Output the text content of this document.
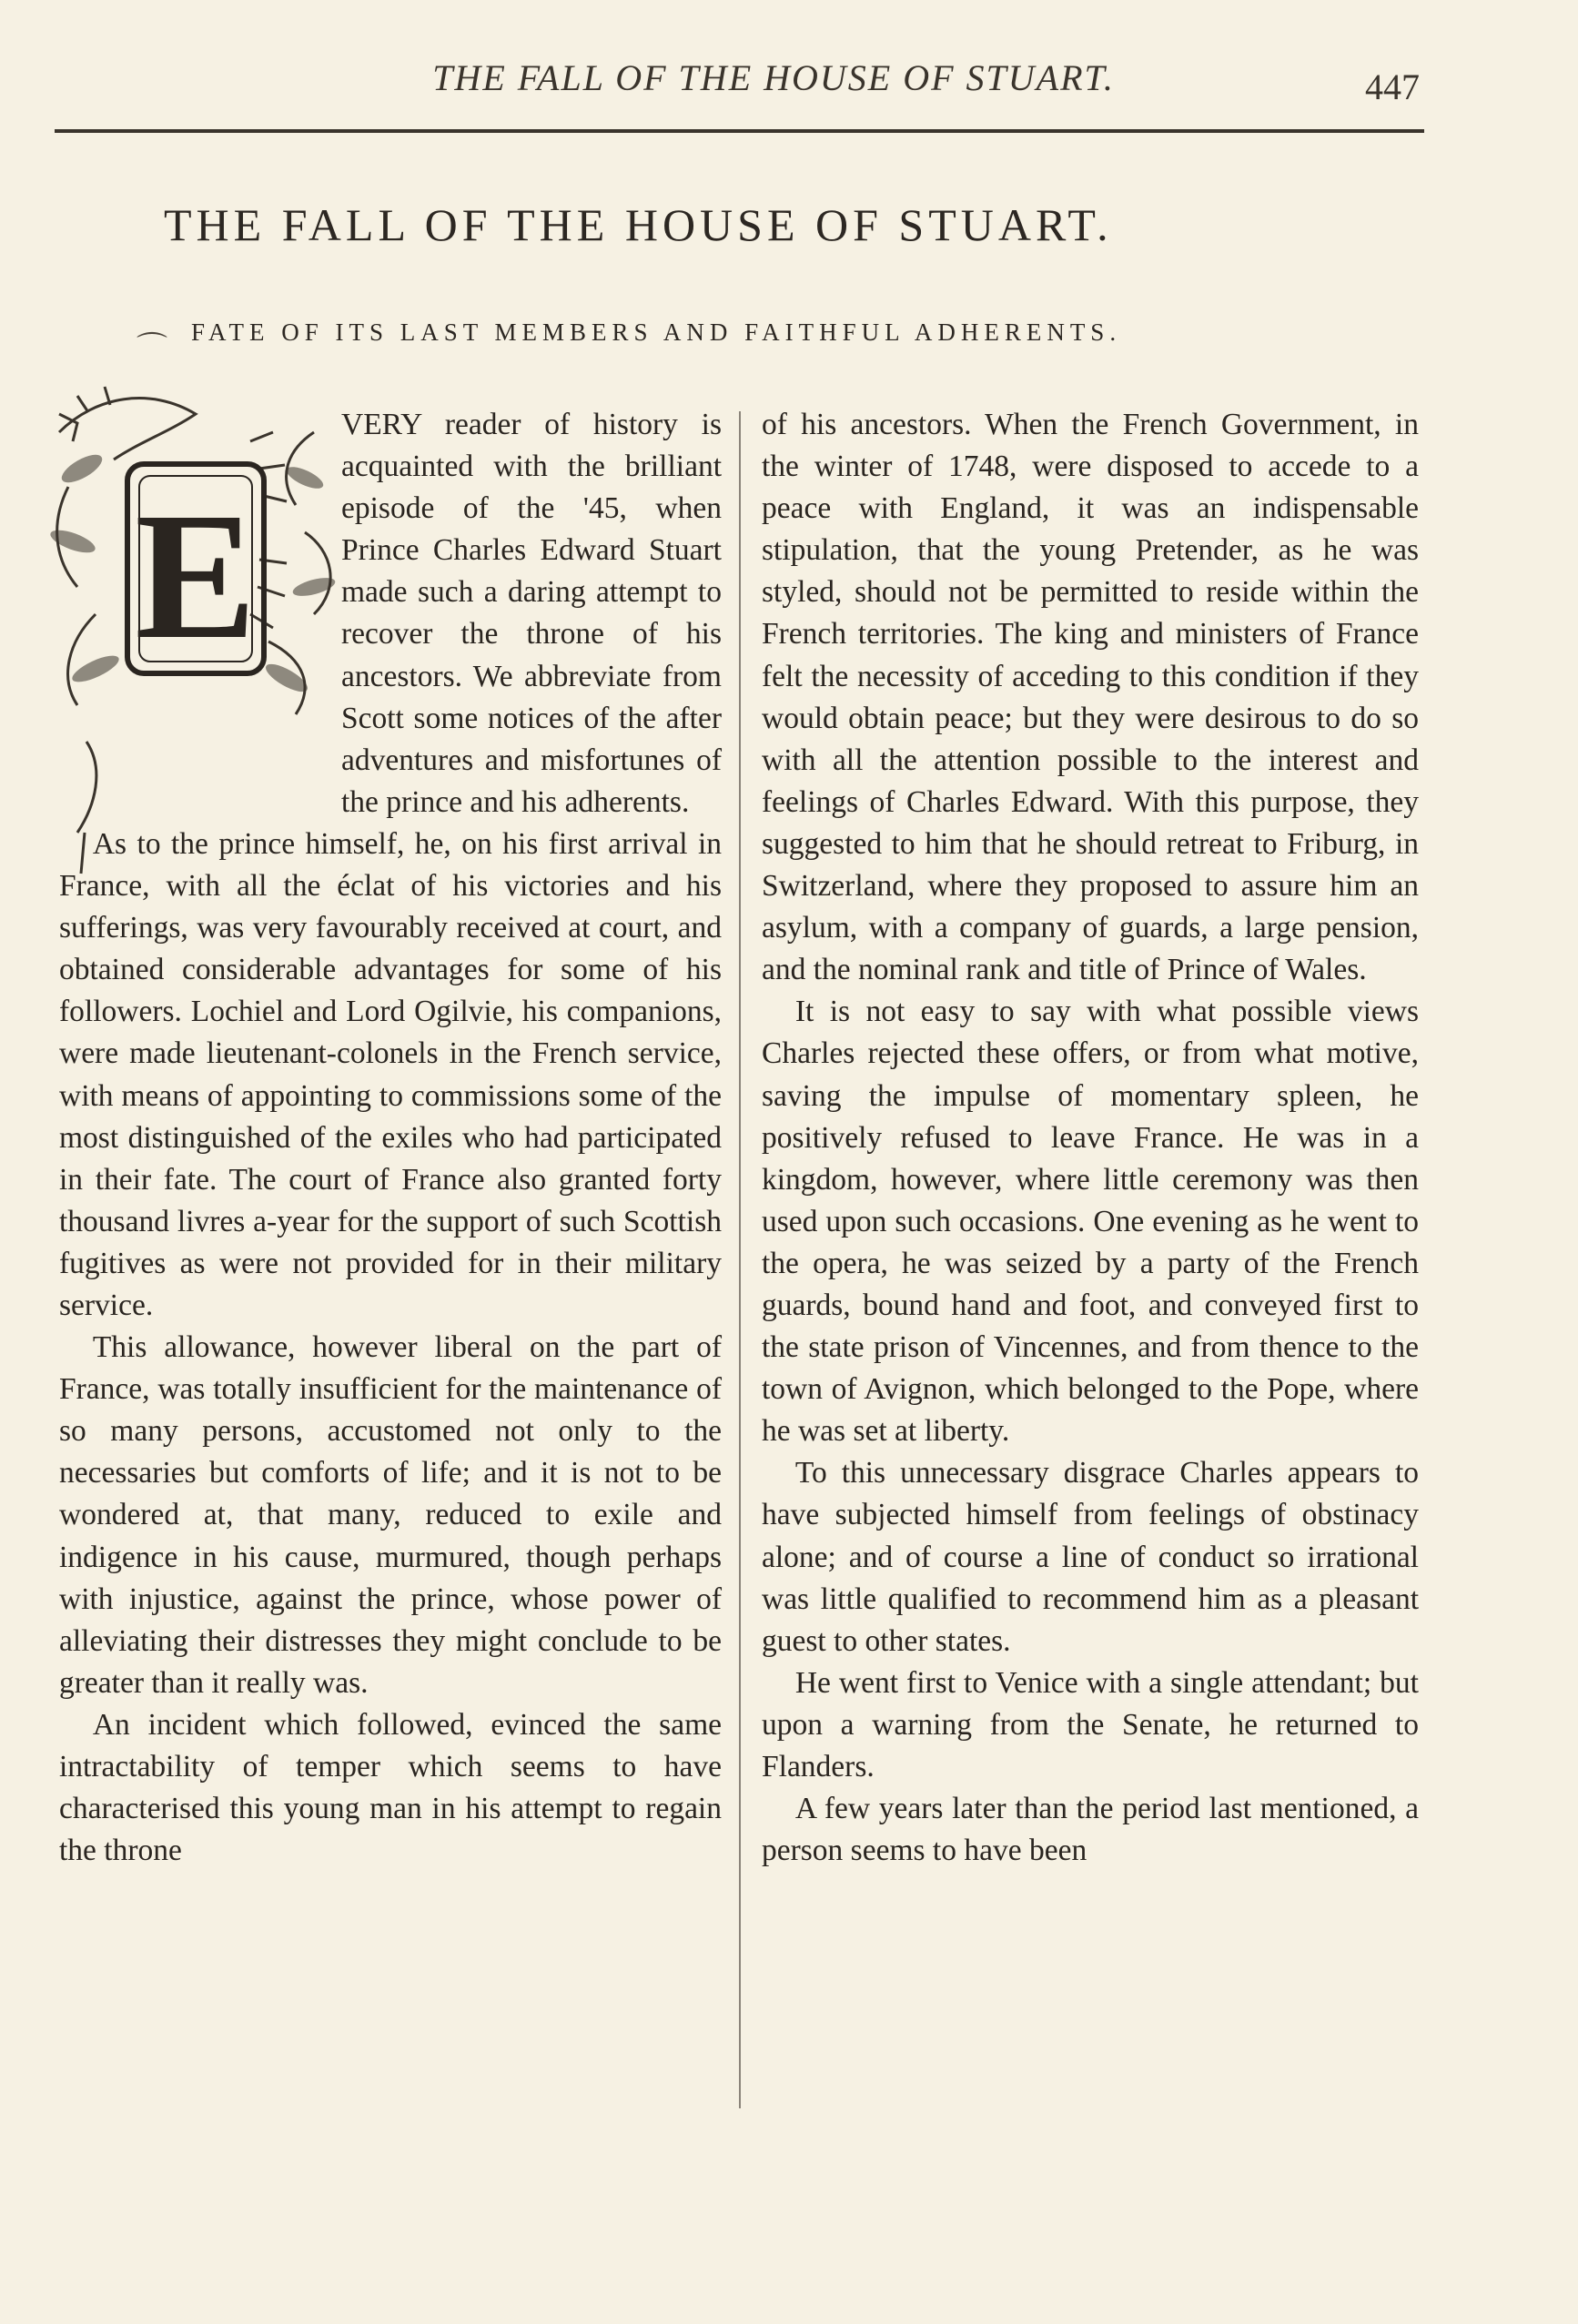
THE FALL OF THE HOUSE OF STUART.	447
THE FALL OF THE HOUSE OF STUART.
⌒ FATE OF ITS LAST MEMBERS AND FAITHFUL ADHERENTS.
E

VERY reader of history is acquainted with the brilliant episode of the '45, when Prince Charles Edward Stuart made such a daring attempt to recover the throne of his ancestors. We abbreviate from Scott some notices of the after adventures and misfortunes of the prince and his adherents.

As to the prince himself, he, on his first arrival in France, with all the éclat of his victories and his sufferings, was very favourably received at court, and obtained considerable advantages for some of his followers. Lochiel and Lord Ogilvie, his companions, were made lieutenant-colonels in the French service, with means of appointing to commissions some of the most distinguished of the exiles who had participated in their fate. The court of France also granted forty thousand livres a-year for the support of such Scottish fugitives as were not provided for in their military service.

This allowance, however liberal on the part of France, was totally insufficient for the maintenance of so many persons, accustomed not only to the necessaries but comforts of life; and it is not to be wondered at, that many, reduced to exile and indigence in his cause, murmured, though perhaps with injustice, against the prince, whose power of alleviating their distresses they might conclude to be greater than it really was.

An incident which followed, evinced the same intractability of temper which seems to have characterised this young man in his attempt to regain the throne

of his ancestors. When the French Government, in the winter of 1748, were disposed to accede to a peace with England, it was an indispensable stipulation, that the young Pretender, as he was styled, should not be permitted to reside within the French territories. The king and ministers of France felt the necessity of acceding to this condition if they would obtain peace; but they were desirous to do so with all the attention possible to the interest and feelings of Charles Edward. With this purpose, they suggested to him that he should retreat to Friburg, in Switzerland, where they proposed to assure him an asylum, with a company of guards, a large pension, and the nominal rank and title of Prince of Wales.

It is not easy to say with what possible views Charles rejected these offers, or from what motive, saving the impulse of momentary spleen, he positively refused to leave France. He was in a kingdom, however, where little ceremony was then used upon such occasions. One evening as he went to the opera, he was seized by a party of the French guards, bound hand and foot, and conveyed first to the state prison of Vincennes, and from thence to the town of Avignon, which belonged to the Pope, where he was set at liberty.

To this unnecessary disgrace Charles appears to have subjected himself from feelings of obstinacy alone; and of course a line of conduct so irrational was little qualified to recommend him as a pleasant guest to other states.

He went first to Venice with a single attendant; but upon a warning from the Senate, he returned to Flanders.

A few years later than the period last mentioned, a person seems to have been
